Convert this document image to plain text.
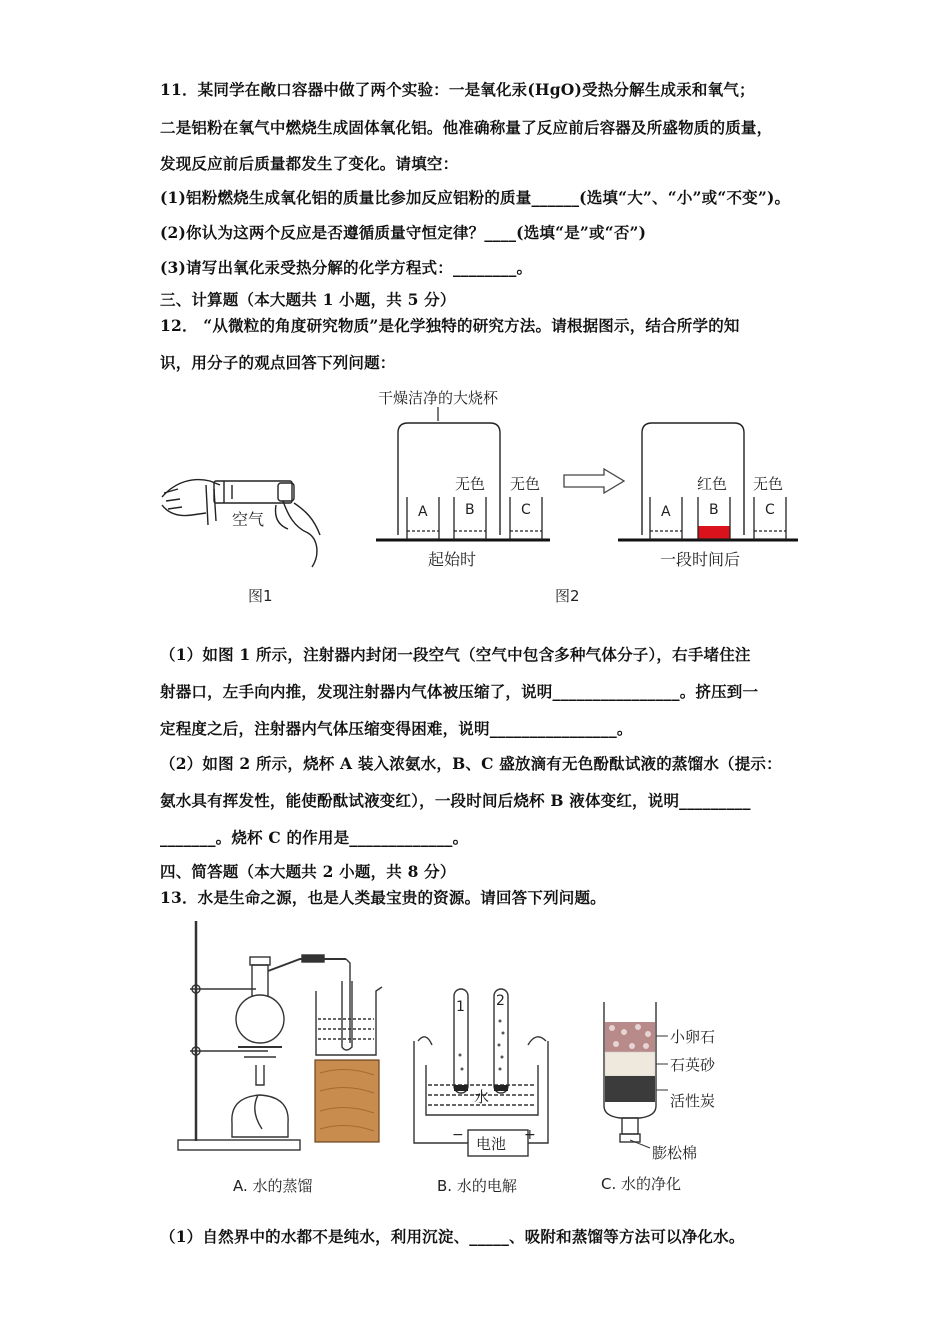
11．某同学在敞口容器中做了两个实验：一是氧化汞(HgO)受热分解生成汞和氧气；
二是铝粉在氧气中燃烧生成固体氧化铝。他准确称量了反应前后容器及所盛物质的质量，
发现反应前后质量都发生了变化。请填空：
(1)铝粉燃烧生成氧化铝的质量比参加反应铝粉的质量______(选填“大”、“小”或“不变”)。
(2)你认为这两个反应是否遵循质量守恒定律？____(选填“是”或“否”)
(3)请写出氧化汞受热分解的化学方程式：________。
三、计算题（本大题共 1 小题，共 5 分）
12． “从微粒的角度研究物质”是化学独特的研究方法。请根据图示，结合所学的知
识，用分子的观点回答下列问题：
空气
图1
干燥洁净的大烧杯
A	B	C
无色 无色
起始时
A	B	C
红色 无色
一段时间后
图2
（1）如图 1 所示，注射器内封闭一段空气（空气中包含多种气体分子），右手堵住注
射器口，左手向内推，发现注射器内气体被压缩了，说明________________。挤压到一
定程度之后，注射器内气体压缩变得困难，说明________________。
（2）如图 2 所示，烧杯 A 装入浓氨水，B、C 盛放滴有无色酚酞试液的蒸馏水（提示：
氨水具有挥发性，能使酚酞试液变红），一段时间后烧杯 B 液体变红，说明_________
_______。烧杯 C 的作用是_____________。
四、简答题（本大题共 2 小题，共 8 分）
13．水是生命之源，也是人类最宝贵的资源。请回答下列问题。
A. 水的蒸馏
1 2
水
电池
−	+
B. 水的电解
小卵石
石英砂
活性炭
膨松棉
C. 水的净化
（1）自然界中的水都不是纯水，利用沉淀、_____、吸附和蒸馏等方法可以净化水。
